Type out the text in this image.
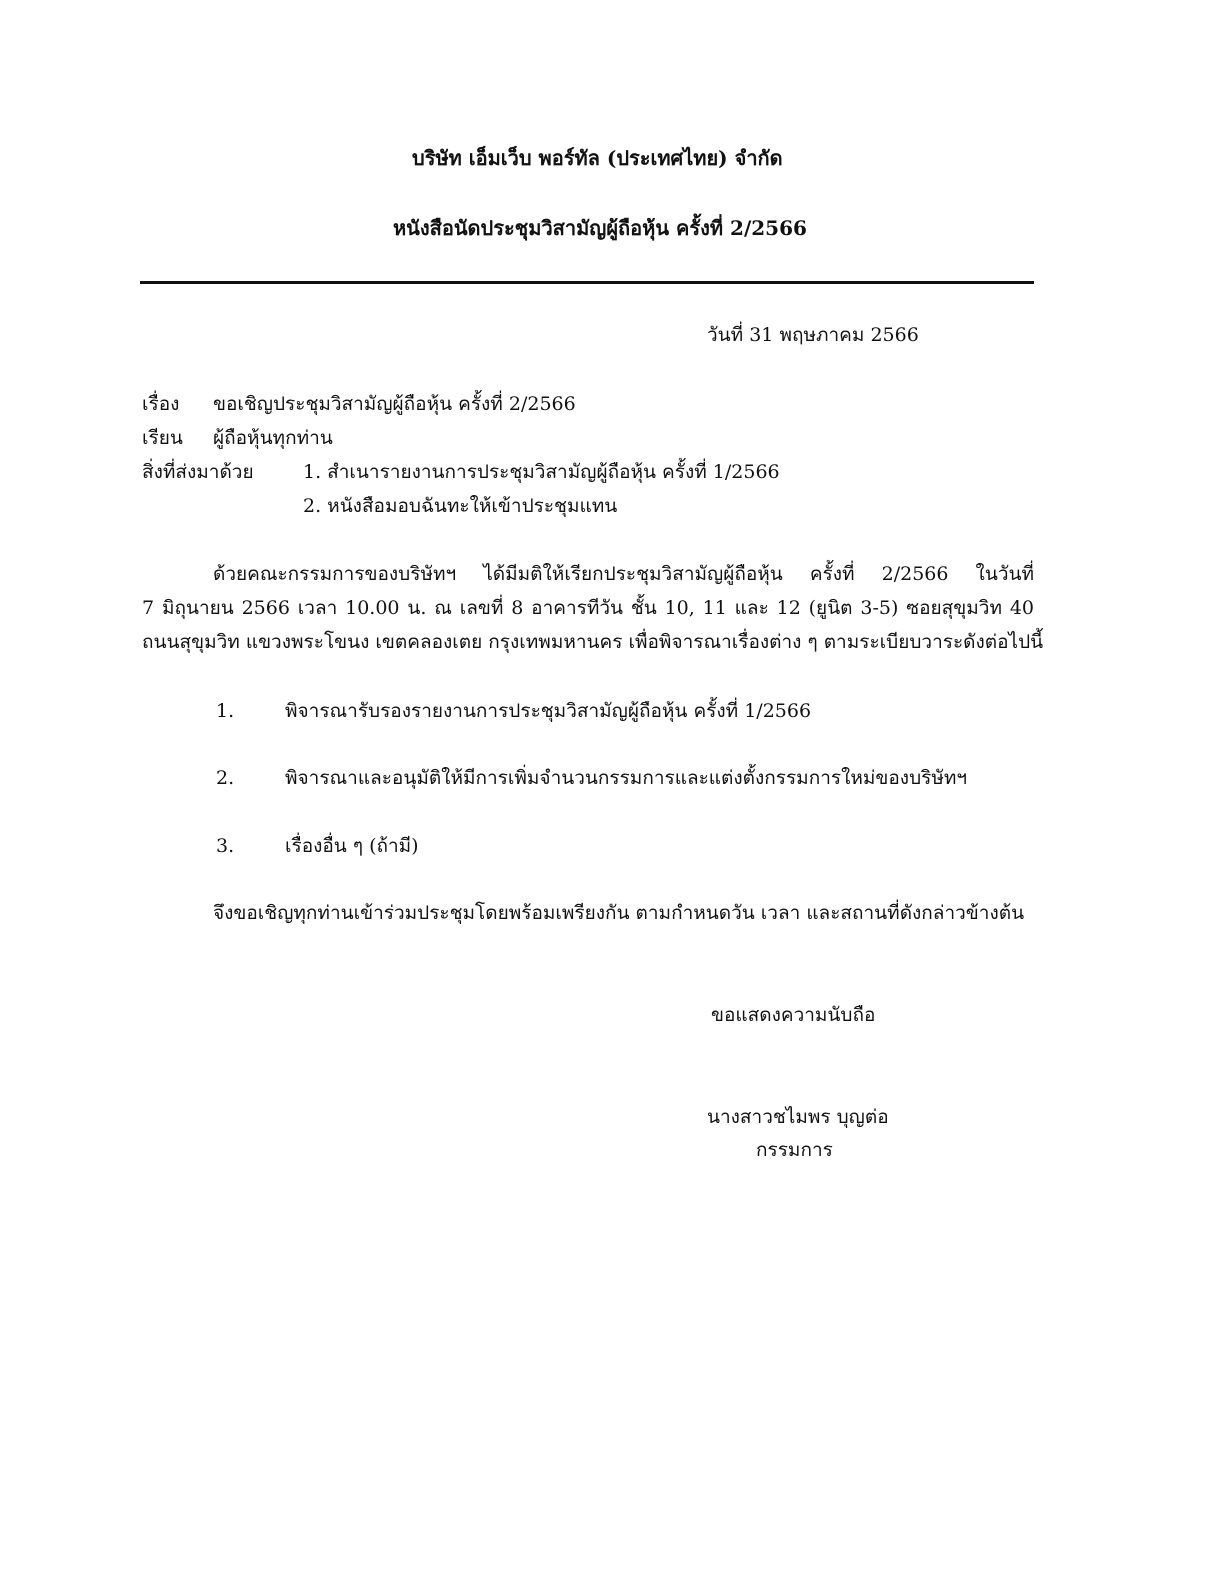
บริษัท เอ็มเว็บ พอร์ทัล (ประเทศไทย) จำกัด
หนังสือนัดประชุมวิสามัญผู้ถือหุ้น ครั้งที่ 2/2566
วันที่ 31 พฤษภาคม 2566
เรื่อง ขอเชิญประชุมวิสามัญผู้ถือหุ้น ครั้งที่ 2/2566
เรียน ผู้ถือหุ้นทุกท่าน
สิ่งที่ส่งมาด้วย	1. สำเนารายงานการประชุมวิสามัญผู้ถือหุ้น ครั้งที่ 1/2566
2. หนังสือมอบฉันทะให้เข้าประชุมแทน
ด้วยคณะกรรมการของบริษัทฯ ได้มีมติให้เรียกประชุมวิสามัญผู้ถือหุ้น ครั้งที่ 2/2566 ในวันที่
7 มิถุนายน 2566 เวลา 10.00 น. ณ เลขที่ 8 อาคารทีวัน ชั้น 10, 11 และ 12 (ยูนิต 3-5) ซอยสุขุมวิท 40
ถนนสุขุมวิท แขวงพระโขนง เขตคลองเตย กรุงเทพมหานคร เพื่อพิจารณาเรื่องต่าง ๆ ตามระเบียบวาระดังต่อไปนี้
1.	พิจารณารับรองรายงานการประชุมวิสามัญผู้ถือหุ้น ครั้งที่ 1/2566
2.	พิจารณาและอนุมัติให้มีการเพิ่มจำนวนกรรมการและแต่งตั้งกรรมการใหม่ของบริษัทฯ
3.	เรื่องอื่น ๆ (ถ้ามี)
จึงขอเชิญทุกท่านเข้าร่วมประชุมโดยพร้อมเพรียงกัน ตามกำหนดวัน เวลา และสถานที่ดังกล่าวข้างต้น
ขอแสดงความนับถือ
นางสาวชไมพร บุญต่อ
กรรมการ
